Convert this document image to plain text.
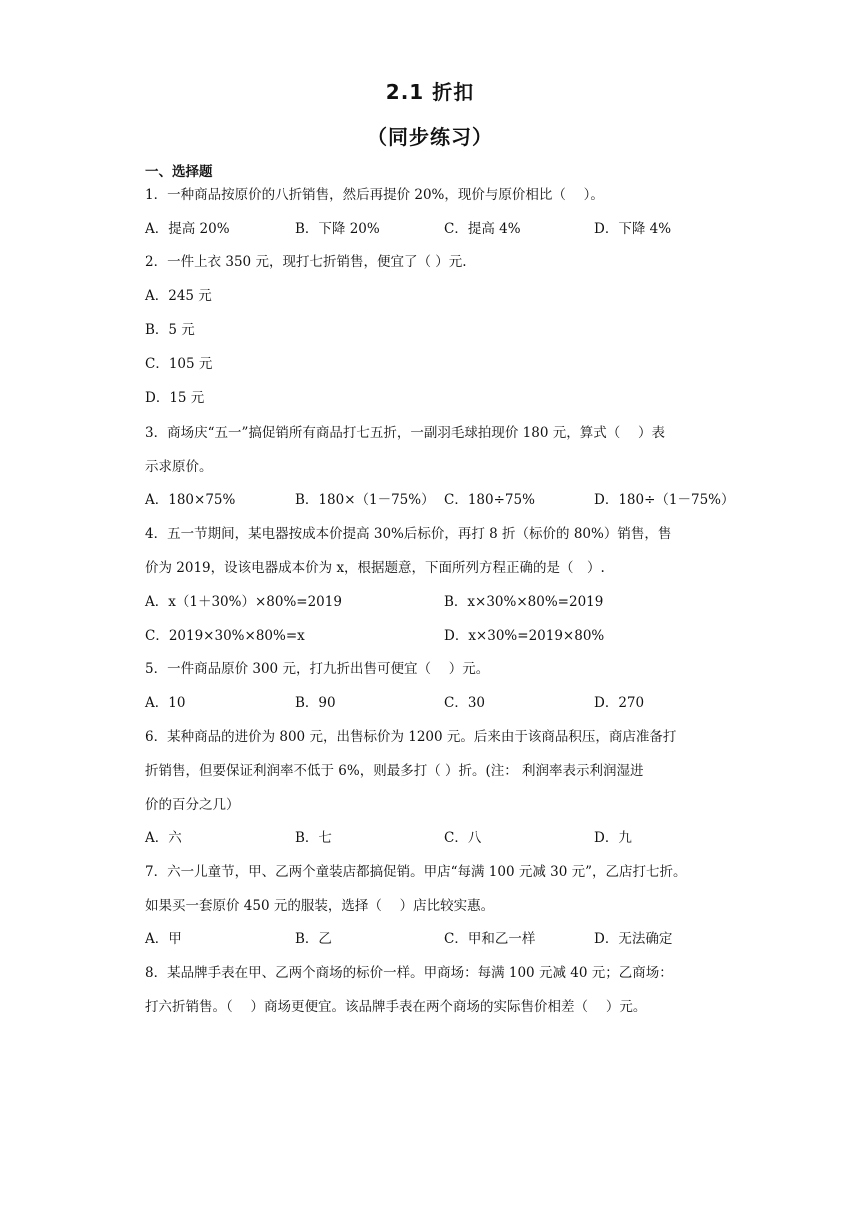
2.1 折扣
（同步练习）
一、选择题
1．一种商品按原价的八折销售，然后再提价 20%，现价与原价相比（　 ）。
A．提高 20%	B．下降 20%	C．提高 4%	D．下降 4%
2．一件上衣 350 元，现打七折销售，便宜了（ ）元.
A．245 元
B．5 元
C．105 元
D．15 元
3．商场庆“五一”搞促销所有商品打七五折，一副羽毛球拍现价 180 元，算式（　 ）表
示求原价。
A．180×75%	B．180×（1－75%） C．180÷75%	D．180÷（1－75%）
4．五一节期间，某电器按成本价提高 30%后标价，再打 8 折（标价的 80%）销售，售
价为 2019，设该电器成本价为 x，根据题意，下面所列方程正确的是（　）.
A．x（1＋30%）×80%=2019	B．x×30%×80%=2019
C．2019×30%×80%=x	D．x×30%=2019×80%
5．一件商品原价 300 元，打九折出售可便宜（　 ）元。
A．10	B．90	C．30	D．270
6．某种商品的进价为 800 元，出售标价为 1200 元。后来由于该商品积压，商店准备打
折销售，但要保证利润率不低于 6%，则最多打（ ）折。(注： 利润率表示利润湿进
价的百分之几）
A．六	B．七	C．八	D．九
7．六一儿童节，甲、乙两个童装店都搞促销。甲店“每满 100 元减 30 元”，乙店打七折。
如果买一套原价 450 元的服装，选择（　 ）店比较实惠。
A．甲	B．乙	C．甲和乙一样	D．无法确定
8．某品牌手表在甲、乙两个商场的标价一样。甲商场：每满 100 元减 40 元；乙商场：
打六折销售。（　 ）商场更便宜。该品牌手表在两个商场的实际售价相差（　 ）元。
